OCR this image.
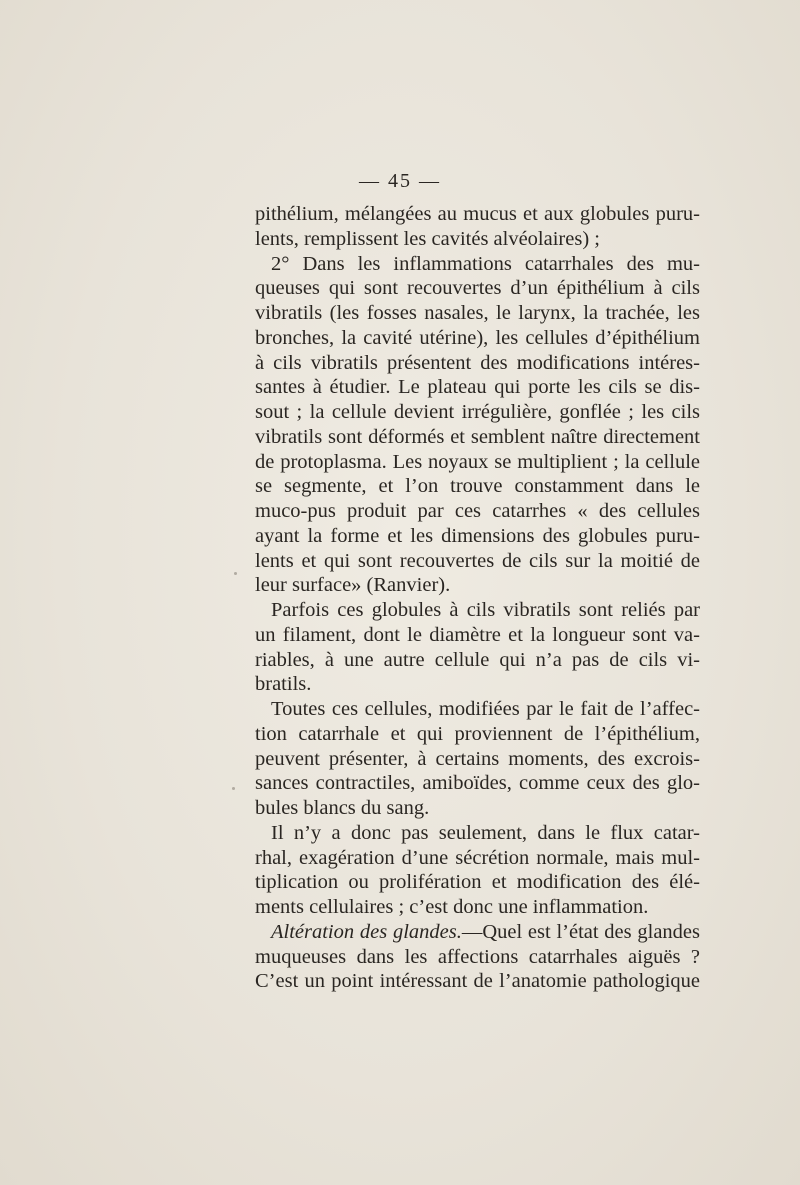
— 45 —
pithélium, mélangées au mucus et aux globules puru-
lents, remplissent les cavités alvéolaires) ;
2° Dans les inflammations catarrhales des mu-
queuses qui sont recouvertes d’un épithélium à cils
vibratils (les fosses nasales, le larynx, la trachée, les
bronches, la cavité utérine), les cellules d’épithélium
à cils vibratils présentent des modifications intéres-
santes à étudier. Le plateau qui porte les cils se dis-
sout ; la cellule devient irrégulière, gonflée ; les cils
vibratils sont déformés et semblent naître directement
de protoplasma. Les noyaux se multiplient ; la cellule
se segmente, et l’on trouve constamment dans le
muco-pus produit par ces catarrhes « des cellules
ayant la forme et les dimensions des globules puru-
lents et qui sont recouvertes de cils sur la moitié de
leur surface» (Ranvier).
Parfois ces globules à cils vibratils sont reliés par
un filament, dont le diamètre et la longueur sont va-
riables, à une autre cellule qui n’a pas de cils vi-
bratils.
Toutes ces cellules, modifiées par le fait de l’affec-
tion catarrhale et qui proviennent de l’épithélium,
peuvent présenter, à certains moments, des excrois-
sances contractiles, amiboïdes, comme ceux des glo-
bules blancs du sang.
Il n’y a donc pas seulement, dans le flux catar-
rhal, exagération d’une sécrétion normale, mais mul-
tiplication ou prolifération et modification des élé-
ments cellulaires ; c’est donc une inflammation.
Altération des glandes.—Quel est l’état des glandes
muqueuses dans les affections catarrhales aiguës ?
C’est un point intéressant de l’anatomie pathologique
